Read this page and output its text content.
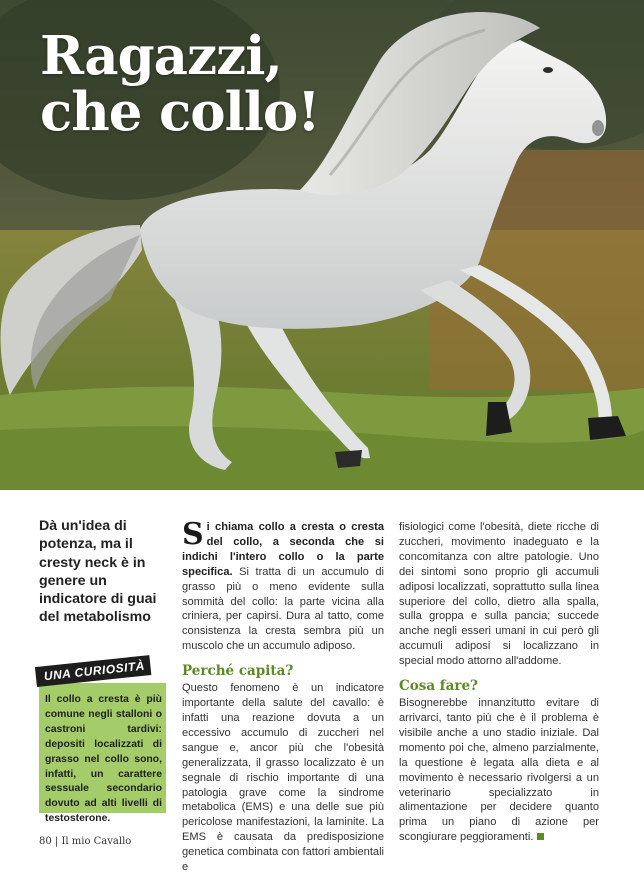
Ragazzi,
che collo!
Dà un'idea di potenza, ma il cresty neck è in genere un indicatore di guai del metabolismo
UNA CURIOSITÀ
Il collo a cresta è più comune negli stalloni o castroni tardivi: depositi localizzati di grasso nel collo sono, infatti, un carattere sessuale secondario dovuto ad alti livelli di testosterone.

Si chiama collo a cresta o cresta del collo, a seconda che si indichi l'intero collo o la parte specifica. Si tratta di un accumulo di grasso più o meno evidente sulla sommità del collo: la parte vicina alla criniera, per capirsi. Dura al tatto, come consistenza la cresta sembra più un muscolo che un accumulo adiposo.

Perché capita?

Questo fenomeno è un indicatore importante della salute del cavallo: è infatti una reazione dovuta a un eccessivo accumulo di zuccheri nel sangue e, ancor più che l'obesità generalizzata, il grasso localizzato è un segnale di rischio importante di una patologia grave come la sindrome metabolica (EMS) e una delle sue più pericolose manifestazioni, la laminite. La EMS è causata da predisposizione genetica combinata con fattori ambientali e

fisiologici come l'obesità, diete ricche di zuccheri, movimento inadeguato e la concomitanza con altre patologie. Uno dei sintomi sono proprio gli accumuli adiposi localizzati, soprattutto sulla linea superiore del collo, dietro alla spalla, sulla groppa e sulla pancia; succede anche negli esseri umani in cui però gli accumuli adiposi si localizzano in special modo attorno all'addome.

Cosa fare?

Bisognerebbe innanzitutto evitare di arrivarci, tanto più che è il problema è visibile anche a uno stadio iniziale. Dal momento poi che, almeno parzialmente, la questione è legata alla dieta e al movimento è necessario rivolgersi a un veterinario specializzato in alimentazione per decidere quanto prima un piano di azione per scongiurare peggioramenti.

80 | Il mio Cavallo
